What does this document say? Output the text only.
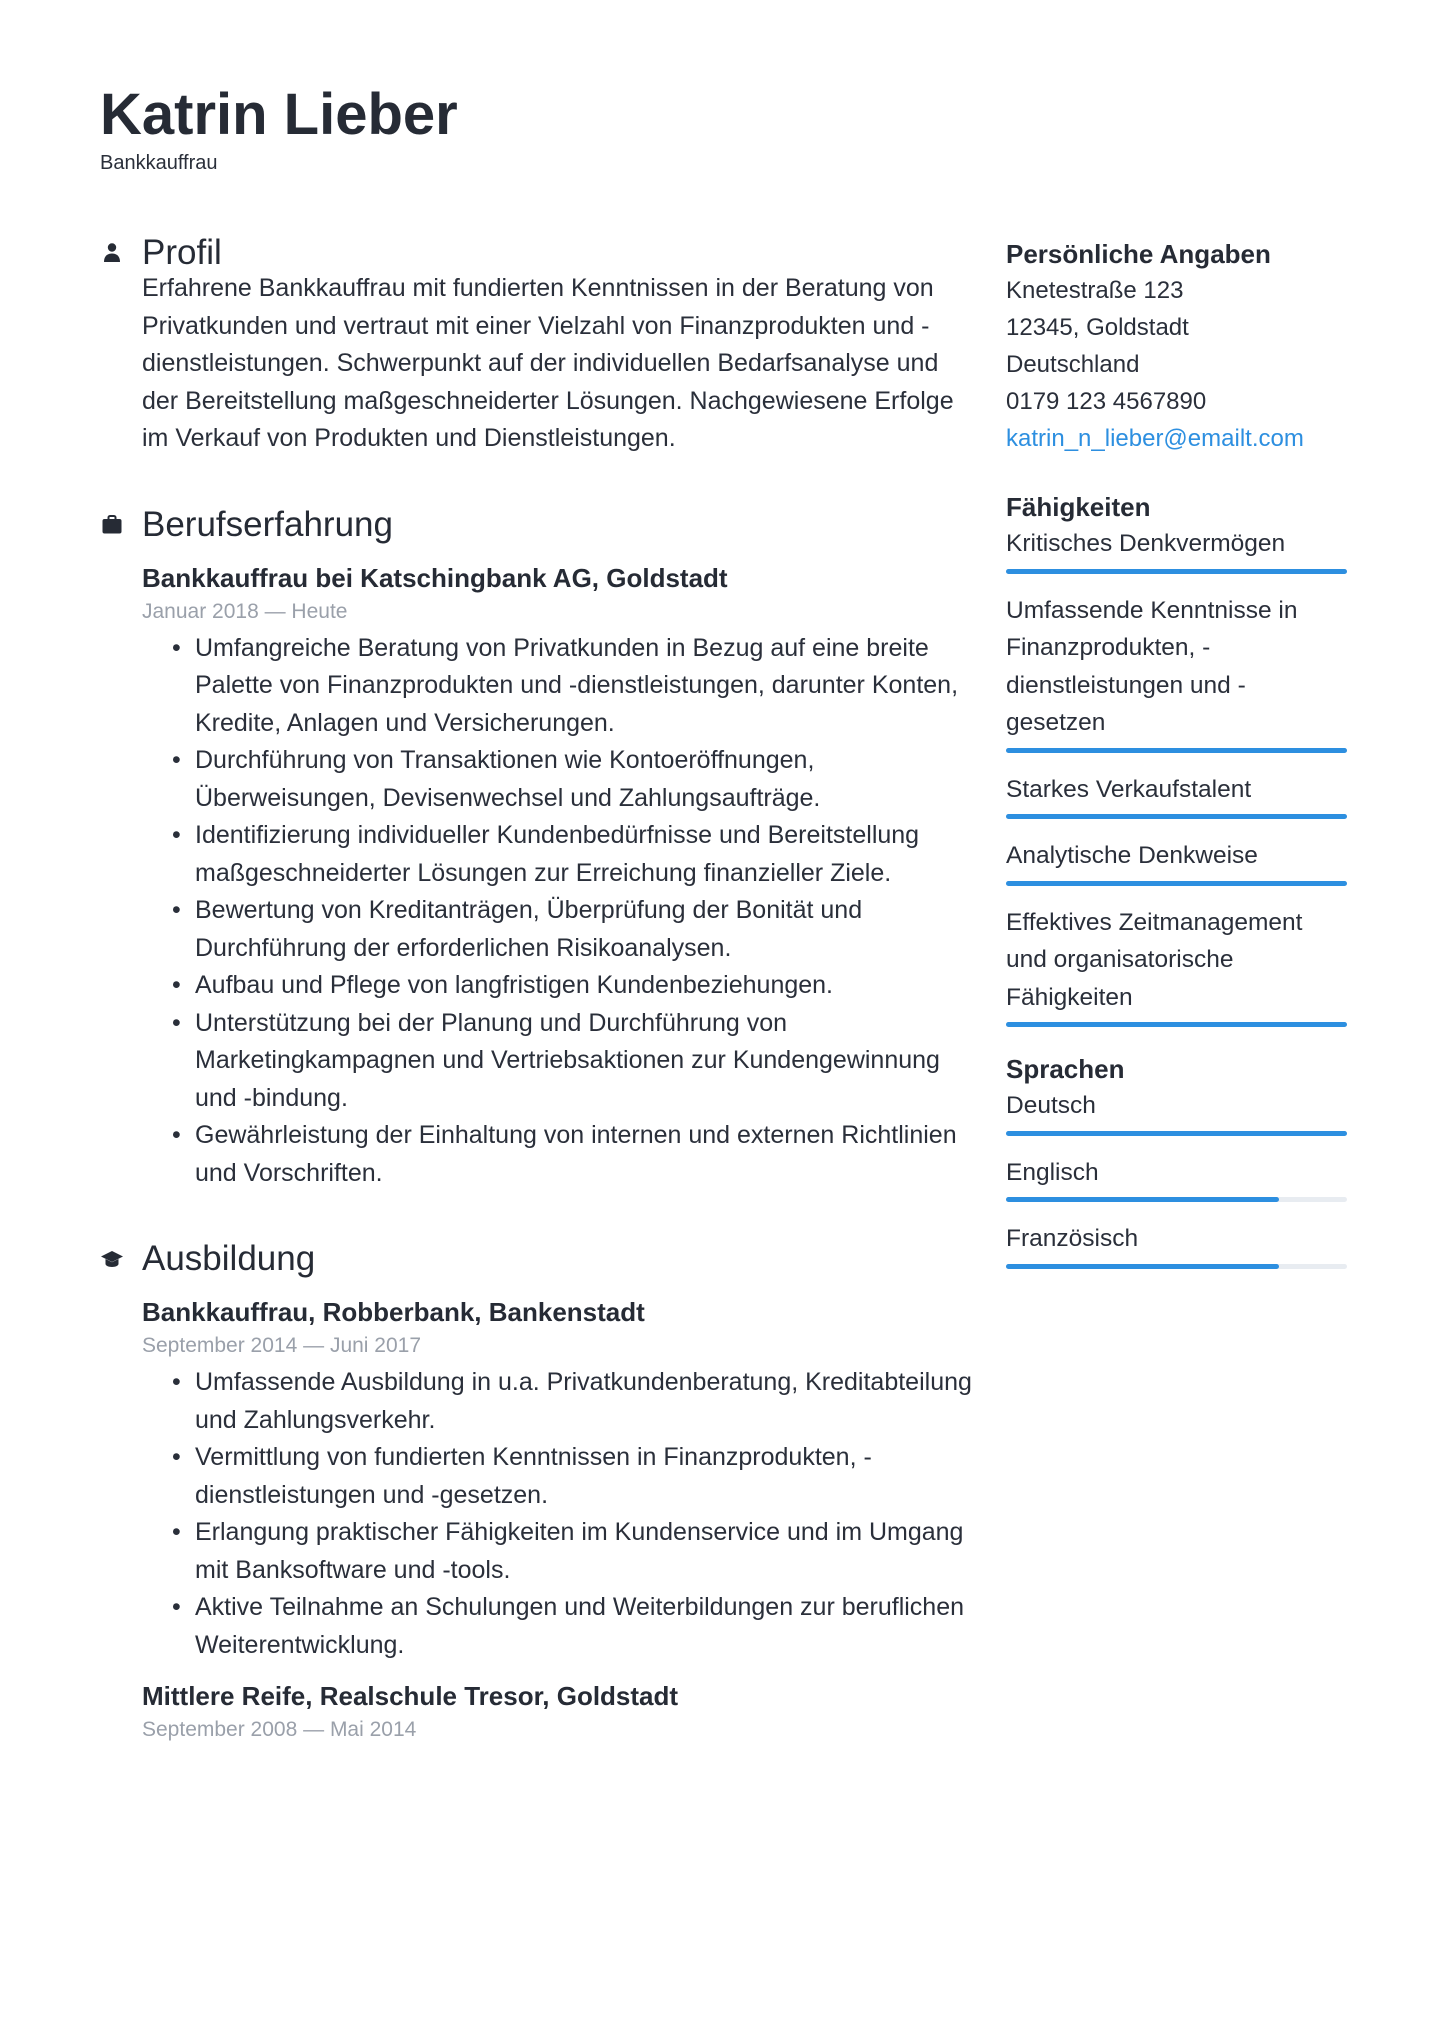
Katrin Lieber
Bankkauffrau
Profil
Erfahrene Bankkauffrau mit fundierten Kenntnissen in der Beratung von Privatkunden und vertraut mit einer Vielzahl von Finanzprodukten und -dienstleistungen. Schwerpunkt auf der individuellen Bedarfsanalyse und der Bereitstellung maßgeschneiderter Lösungen. Nachgewiesene Erfolge im Verkauf von Produkten und Dienstleistungen.
Berufserfahrung
Bankkauffrau bei Katschingbank AG, Goldstadt
Januar 2018 — Heute
• Umfangreiche Beratung von Privatkunden in Bezug auf eine breite Palette von Finanzprodukten und -dienstleistungen, darunter Konten, Kredite, Anlagen und Versicherungen.
• Durchführung von Transaktionen wie Kontoeröffnungen, Überweisungen, Devisenwechsel und Zahlungsaufträge.
• Identifizierung individueller Kundenbedürfnisse und Bereitstellung maßgeschneiderter Lösungen zur Erreichung finanzieller Ziele.
• Bewertung von Kreditanträgen, Überprüfung der Bonität und Durchführung der erforderlichen Risikoanalysen.
• Aufbau und Pflege von langfristigen Kundenbeziehungen.
• Unterstützung bei der Planung und Durchführung von Marketingkampagnen und Vertriebsaktionen zur Kundengewinnung und -bindung.
• Gewährleistung der Einhaltung von internen und externen Richtlinien und Vorschriften.
Ausbildung
Bankkauffrau, Robberbank, Bankenstadt
September 2014 — Juni 2017
• Umfassende Ausbildung in u.a. Privatkundenberatung, Kreditabteilung und Zahlungsverkehr.
• Vermittlung von fundierten Kenntnissen in Finanzprodukten, -dienstleistungen und -gesetzen.
• Erlangung praktischer Fähigkeiten im Kundenservice und im Umgang mit Banksoftware und -tools.
• Aktive Teilnahme an Schulungen und Weiterbildungen zur beruflichen Weiterentwicklung.
Mittlere Reife, Realschule Tresor, Goldstadt
September 2008 — Mai 2014
Persönliche Angaben
Knetestraße 123
12345, Goldstadt
Deutschland
0179 123 4567890
katrin_n_lieber@emailt.com
Fähigkeiten
Kritisches Denkvermögen
Umfassende Kenntnisse in Finanzprodukten, -dienstleistungen und -gesetzen
Starkes Verkaufstalent
Analytische Denkweise
Effektives Zeitmanagement und organisatorische Fähigkeiten
Sprachen
Deutsch
Englisch
Französisch
